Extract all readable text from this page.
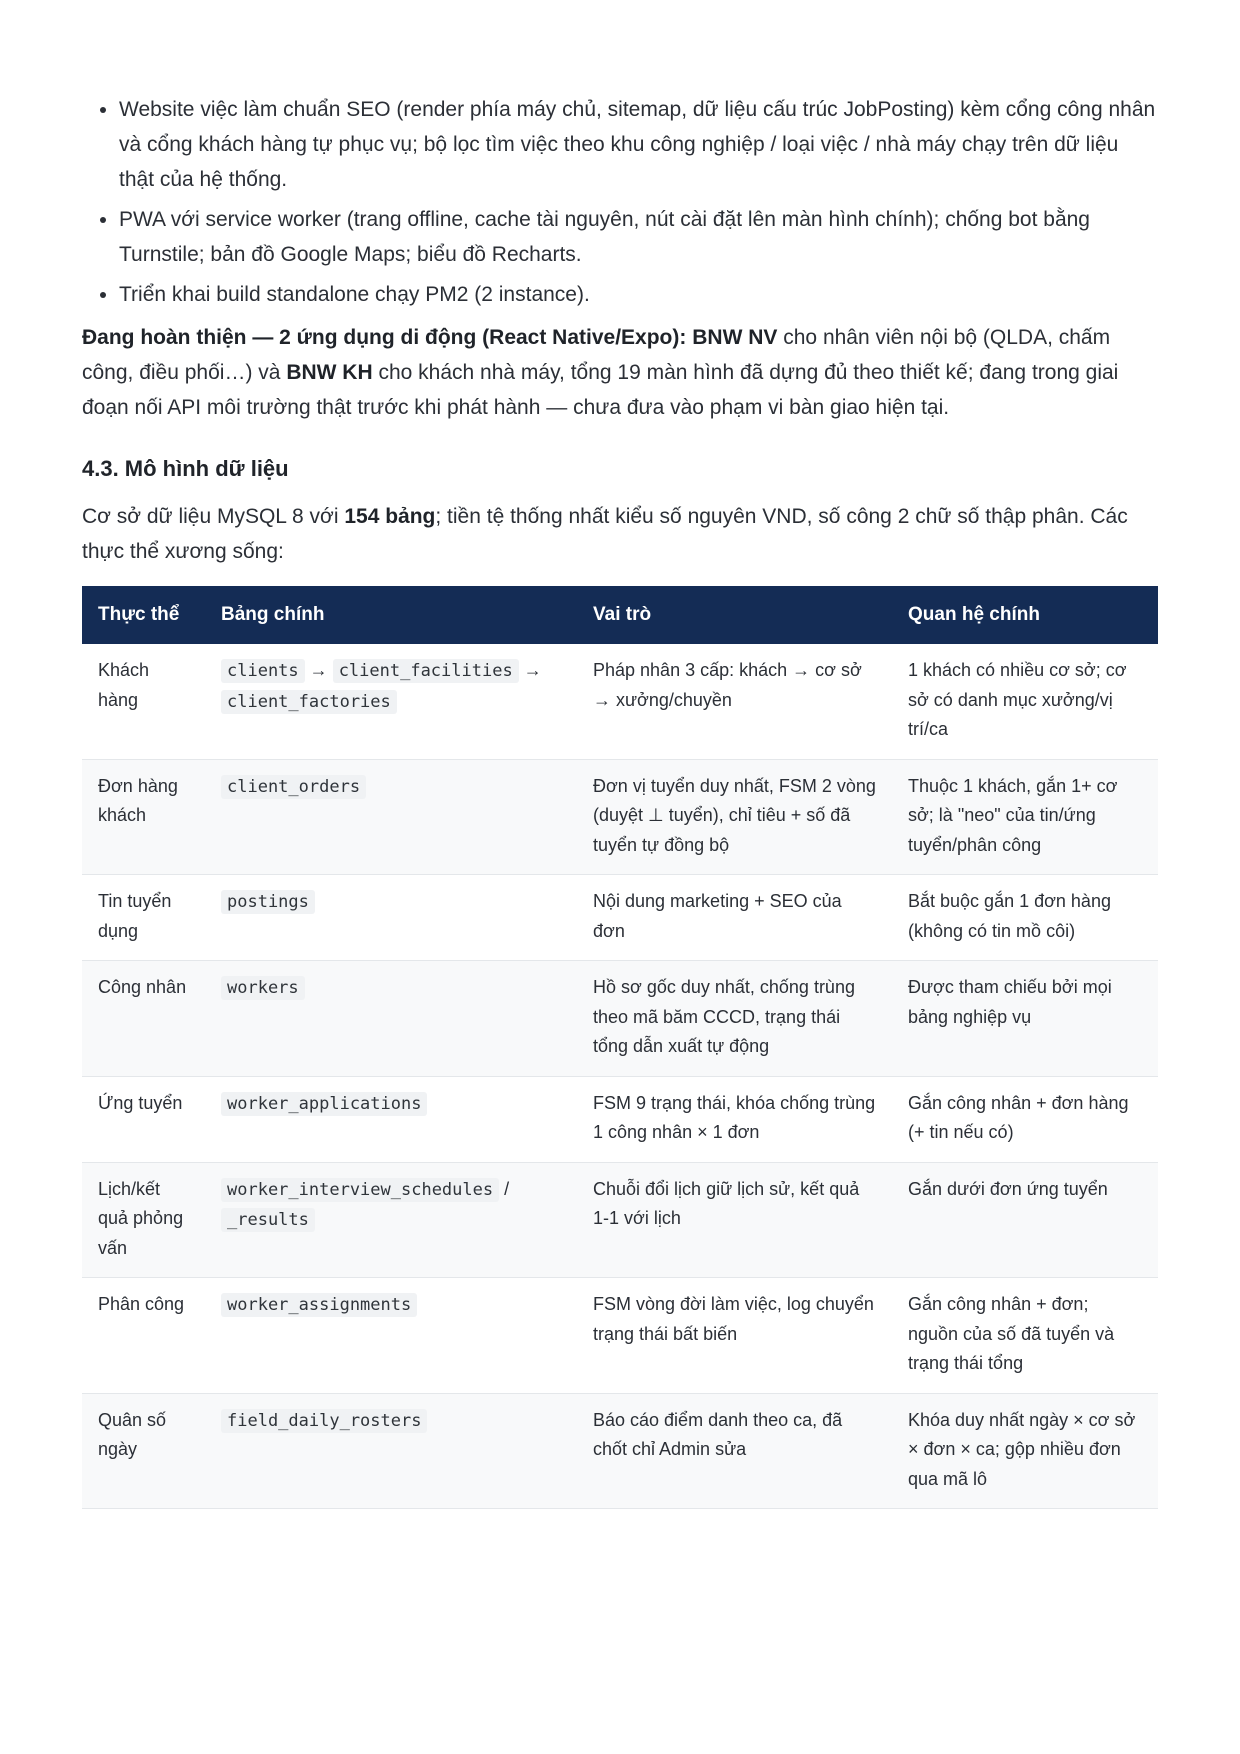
• Website việc làm chuẩn SEO (render phía máy chủ, sitemap, dữ liệu cấu trúc JobPosting) kèm cổng công nhân và cổng khách hàng tự phục vụ; bộ lọc tìm việc theo khu công nghiệp / loại việc / nhà máy chạy trên dữ liệu thật của hệ thống.
• PWA với service worker (trang offline, cache tài nguyên, nút cài đặt lên màn hình chính); chống bot bằng Turnstile; bản đồ Google Maps; biểu đồ Recharts.
• Triển khai build standalone chạy PM2 (2 instance).

Đang hoàn thiện — 2 ứng dụng di động (React Native/Expo): BNW NV cho nhân viên nội bộ (QLDA, chấm công, điều phối…) và BNW KH cho khách nhà máy, tổng 19 màn hình đã dựng đủ theo thiết kế; đang trong giai đoạn nối API môi trường thật trước khi phát hành — chưa đưa vào phạm vi bàn giao hiện tại.

4.3. Mô hình dữ liệu

Cơ sở dữ liệu MySQL 8 với 154 bảng; tiền tệ thống nhất kiểu số nguyên VND, số công 2 chữ số thập phân. Các thực thể xương sống:

Thực thể	Bảng chính	Vai trò	Quan hệ chính
Khách hàng	clients → client_facilities → client_factories	Pháp nhân 3 cấp: khách → cơ sở → xưởng/chuyền	1 khách có nhiều cơ sở; cơ sở có danh mục xưởng/vị trí/ca
Đơn hàng khách	client_orders	Đơn vị tuyển duy nhất, FSM 2 vòng (duyệt ⊥ tuyển), chỉ tiêu + số đã tuyển tự đồng bộ	Thuộc 1 khách, gắn 1+ cơ sở; là "neo" của tin/ứng tuyển/phân công
Tin tuyển dụng	postings	Nội dung marketing + SEO của đơn	Bắt buộc gắn 1 đơn hàng (không có tin mồ côi)
Công nhân	workers	Hồ sơ gốc duy nhất, chống trùng theo mã băm CCCD, trạng thái tổng dẫn xuất tự động	Được tham chiếu bởi mọi bảng nghiệp vụ
Ứng tuyển	worker_applications	FSM 9 trạng thái, khóa chống trùng 1 công nhân × 1 đơn	Gắn công nhân + đơn hàng (+ tin nếu có)
Lịch/kết quả phỏng vấn	worker_interview_schedules / _results	Chuỗi đổi lịch giữ lịch sử, kết quả 1-1 với lịch	Gắn dưới đơn ứng tuyển
Phân công	worker_assignments	FSM vòng đời làm việc, log chuyển trạng thái bất biến	Gắn công nhân + đơn; nguồn của số đã tuyển và trạng thái tổng
Quân số ngày	field_daily_rosters	Báo cáo điểm danh theo ca, đã chốt chỉ Admin sửa	Khóa duy nhất ngày × cơ sở × đơn × ca; gộp nhiều đơn qua mã lô
